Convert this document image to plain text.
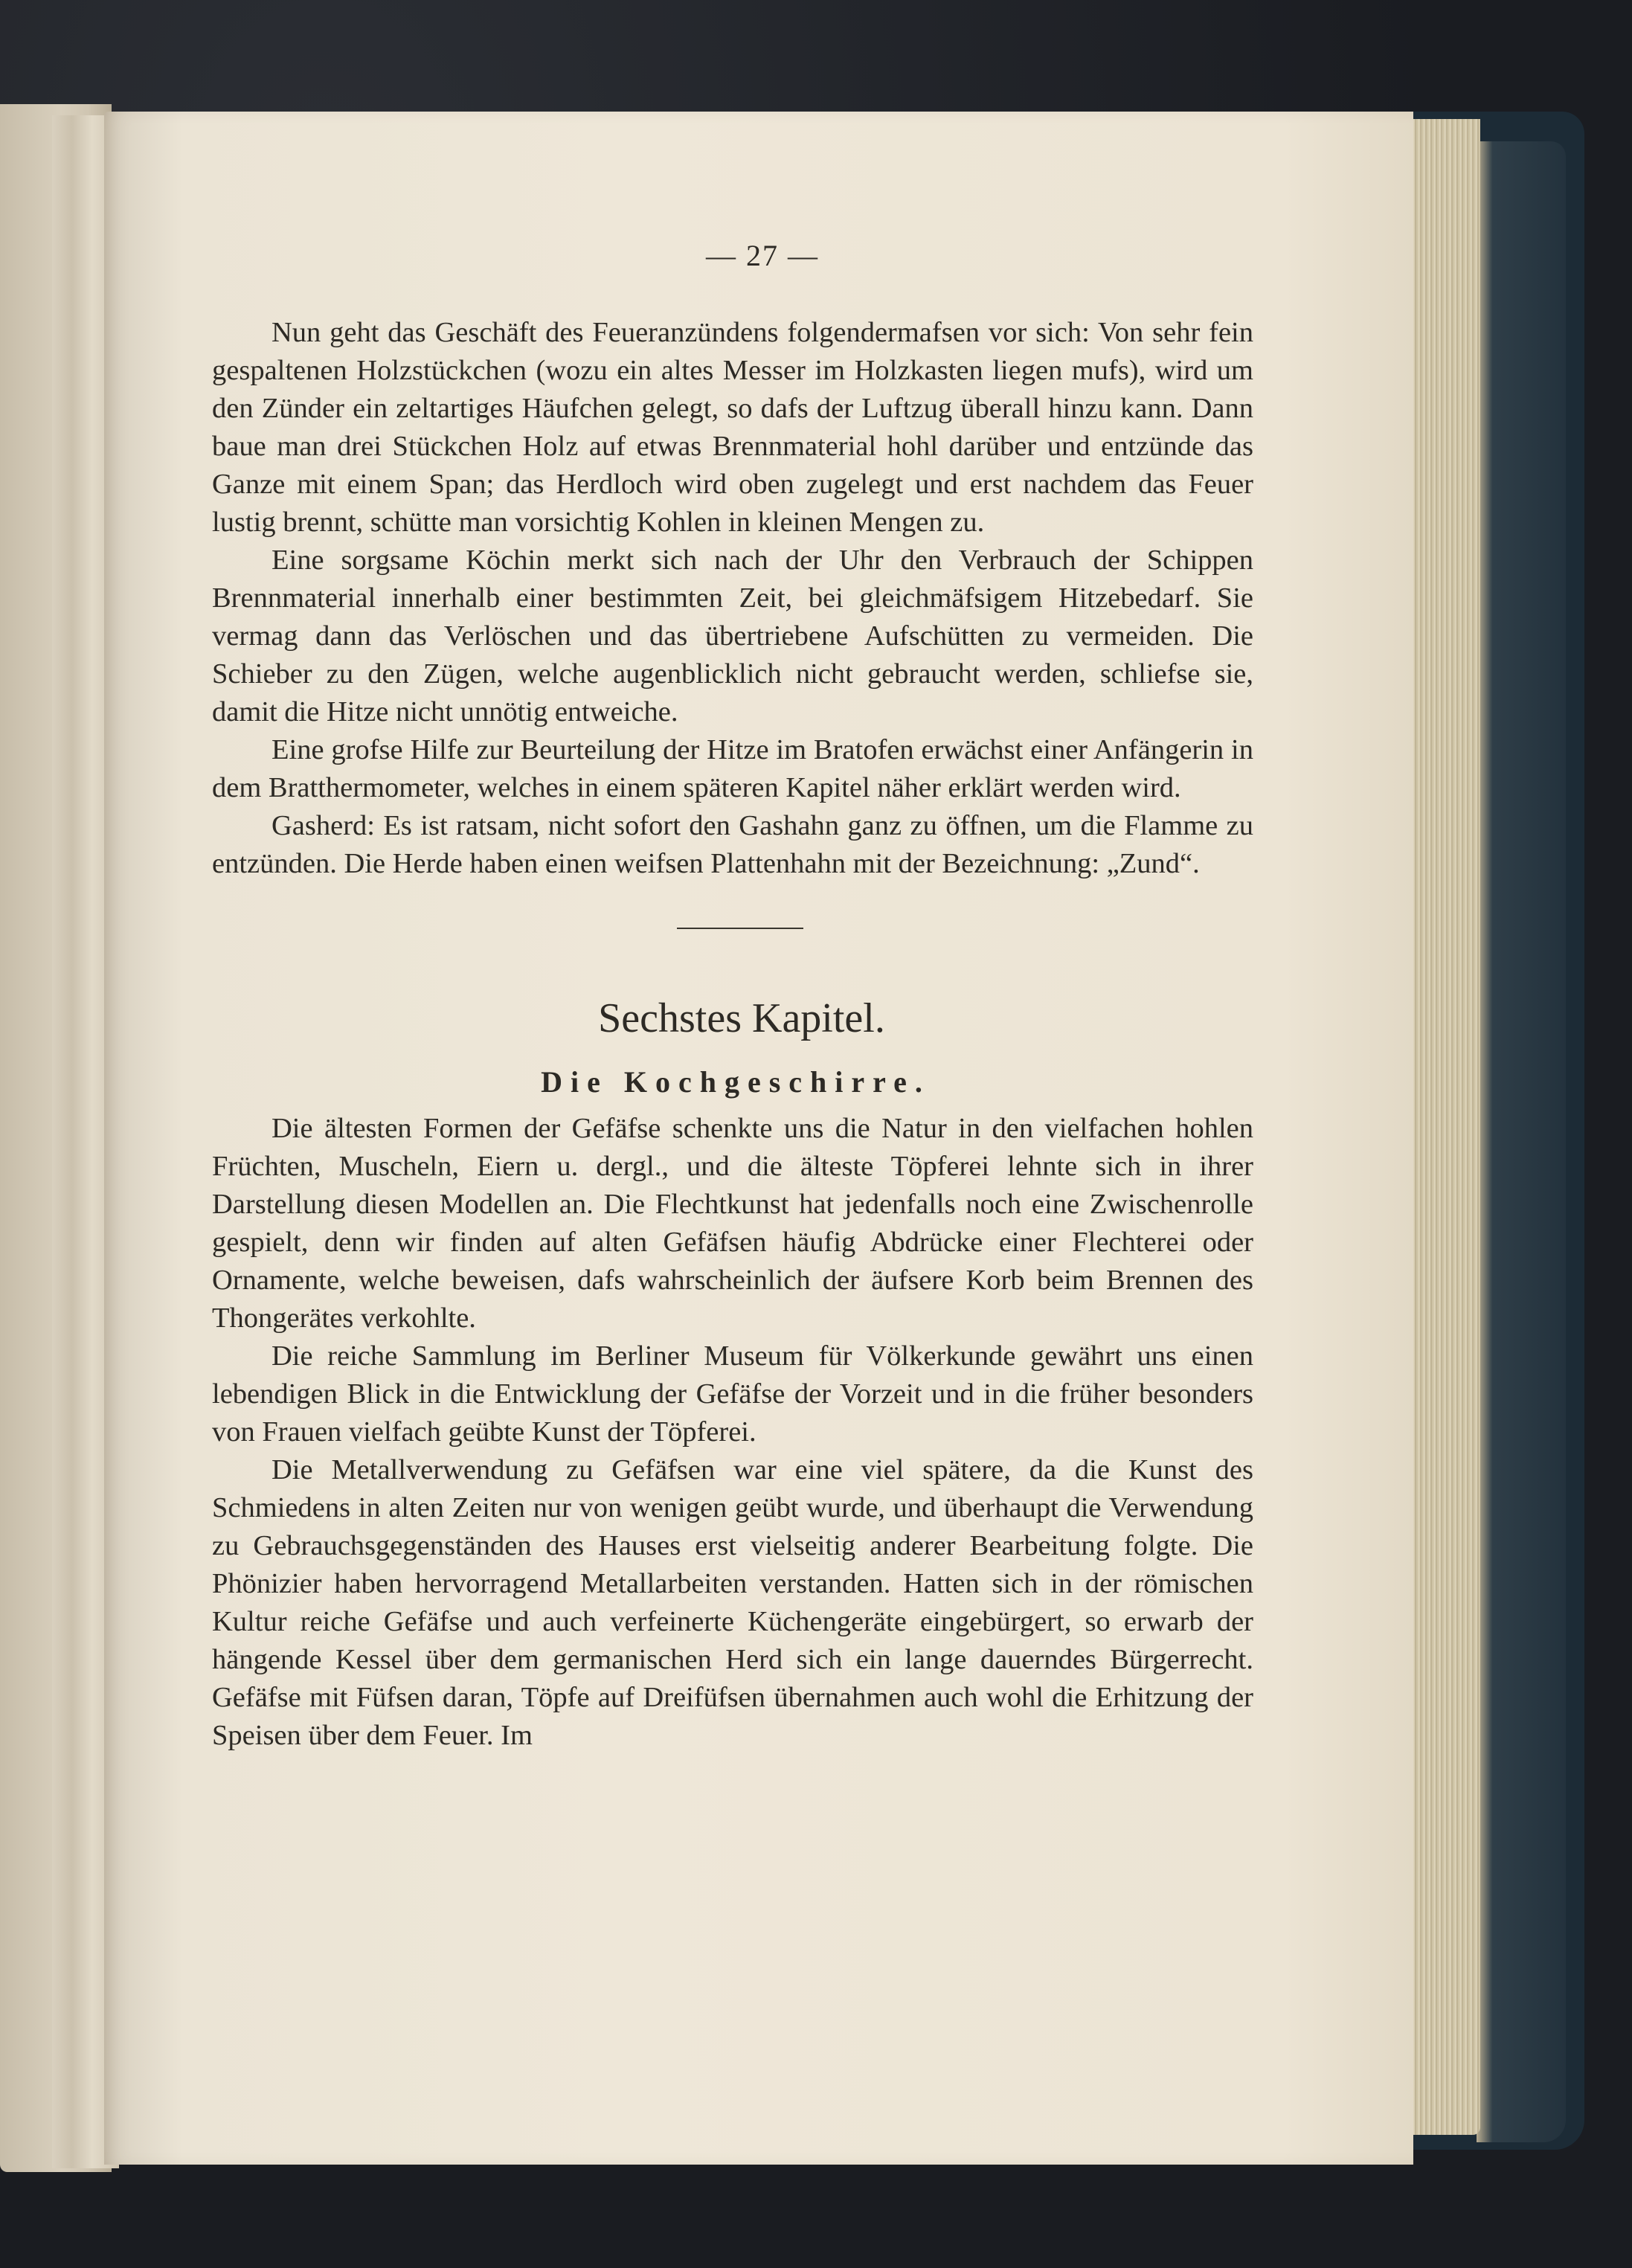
— 27 —

Nun geht das Geschäft des Feueranzündens folgendermafsen vor sich: Von sehr fein gespaltenen Holzstückchen (wozu ein altes Messer im Holzkasten liegen mufs), wird um den Zünder ein zeltartiges Häufchen gelegt, so dafs der Luftzug überall hinzu kann. Dann baue man drei Stückchen Holz auf etwas Brennmaterial hohl darüber und entzünde das Ganze mit einem Span; das Herdloch wird oben zugelegt und erst nachdem das Feuer lustig brennt, schütte man vorsichtig Kohlen in kleinen Mengen zu.

Eine sorgsame Köchin merkt sich nach der Uhr den Verbrauch der Schippen Brennmaterial innerhalb einer bestimmten Zeit, bei gleichmäfsigem Hitzebedarf. Sie vermag dann das Verlöschen und das übertriebene Aufschütten zu vermeiden. Die Schieber zu den Zügen, welche augenblicklich nicht gebraucht werden, schliefse sie, damit die Hitze nicht unnötig entweiche.

Eine grofse Hilfe zur Beurteilung der Hitze im Bratofen erwächst einer Anfängerin in dem Bratthermometer, welches in einem späteren Kapitel näher erklärt werden wird.

Gasherd: Es ist ratsam, nicht sofort den Gashahn ganz zu öffnen, um die Flamme zu entzünden. Die Herde haben einen weifsen Plattenhahn mit der Bezeichnung: „Zund“.

Sechstes Kapitel.
Die Kochgeschirre.

Die ältesten Formen der Gefäfse schenkte uns die Natur in den vielfachen hohlen Früchten, Muscheln, Eiern u. dergl., und die älteste Töpferei lehnte sich in ihrer Darstellung diesen Modellen an. Die Flechtkunst hat jedenfalls noch eine Zwischenrolle gespielt, denn wir finden auf alten Gefäfsen häufig Abdrücke einer Flechterei oder Ornamente, welche beweisen, dafs wahrscheinlich der äufsere Korb beim Brennen des Thongerätes verkohlte.

Die reiche Sammlung im Berliner Museum für Völkerkunde gewährt uns einen lebendigen Blick in die Entwicklung der Gefäfse der Vorzeit und in die früher besonders von Frauen vielfach geübte Kunst der Töpferei.

Die Metallverwendung zu Gefäfsen war eine viel spätere, da die Kunst des Schmiedens in alten Zeiten nur von wenigen geübt wurde, und überhaupt die Verwendung zu Gebrauchsgegenständen des Hauses erst vielseitig anderer Bearbeitung folgte. Die Phönizier haben hervorragend Metallarbeiten verstanden. Hatten sich in der römischen Kultur reiche Gefäfse und auch verfeinerte Küchengeräte eingebürgert, so erwarb der hängende Kessel über dem germanischen Herd sich ein lange dauerndes Bürgerrecht. Gefäfse mit Füfsen daran, Töpfe auf Dreifüfsen übernahmen auch wohl die Erhitzung der Speisen über dem Feuer. Im
